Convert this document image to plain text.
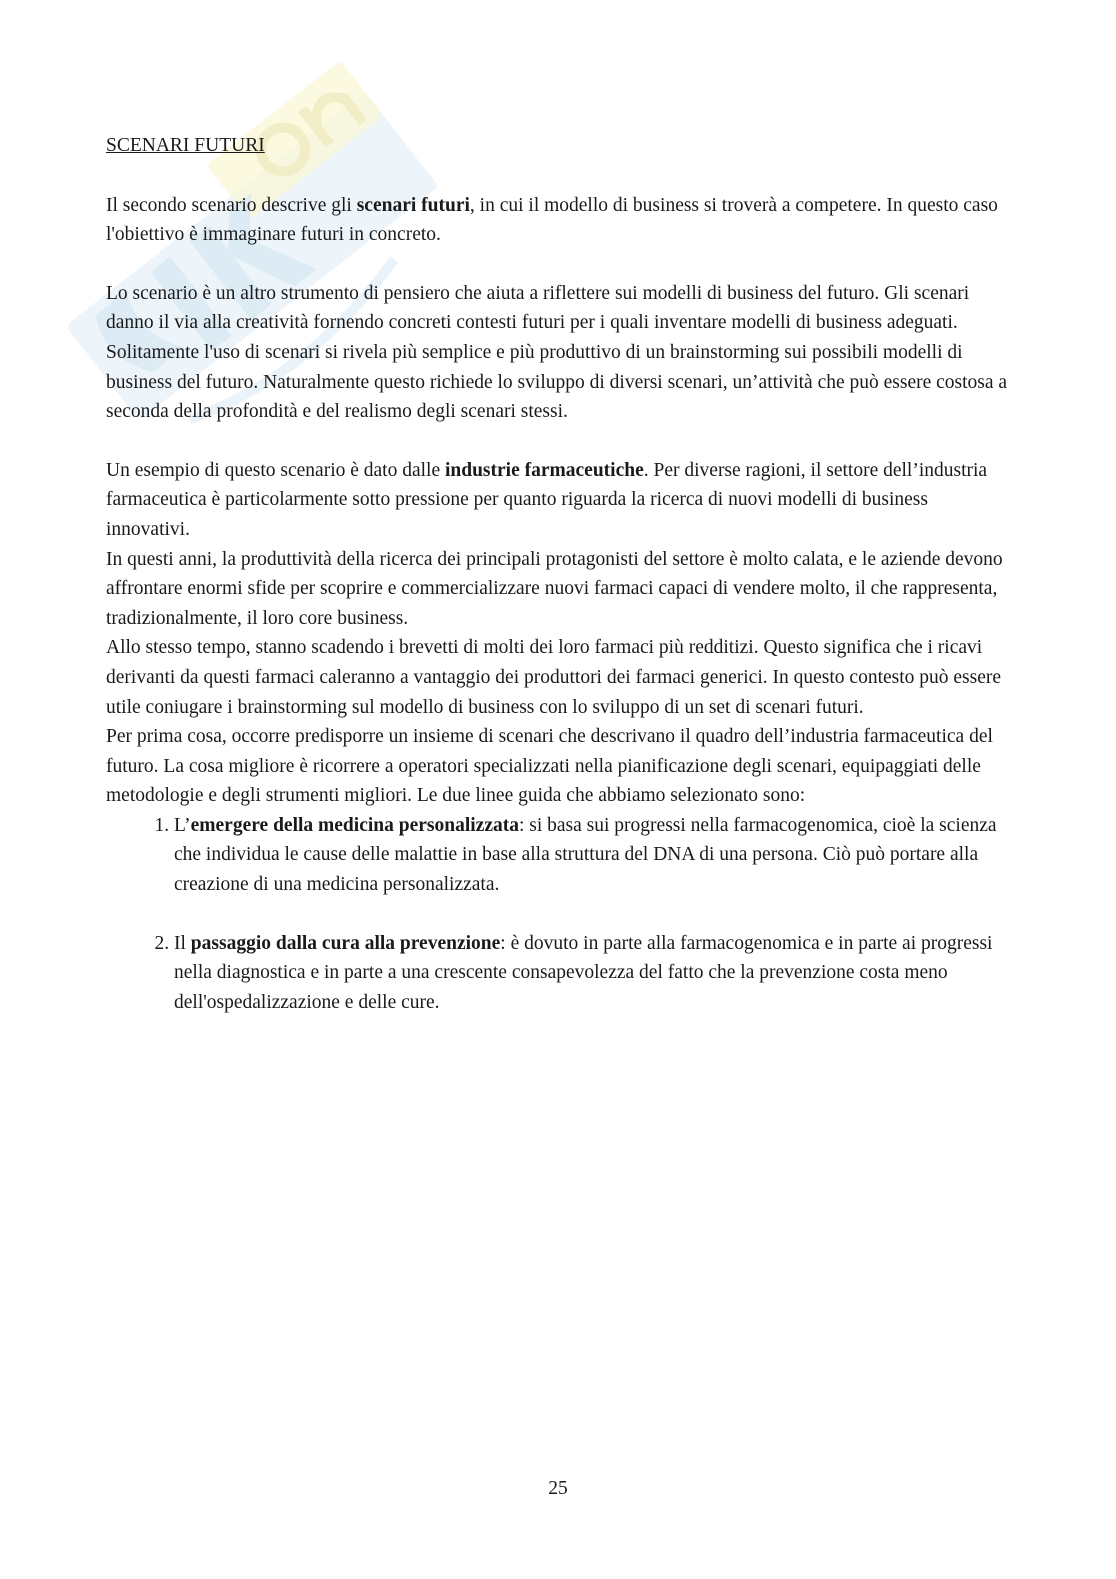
SCENARI FUTURI

Il secondo scenario descrive gli scenari futuri, in cui il modello di business si troverà a competere. In questo caso l'obiettivo è immaginare futuri in concreto.

Lo scenario è un altro strumento di pensiero che aiuta a riflettere sui modelli di business del futuro. Gli scenari danno il via alla creatività fornendo concreti contesti futuri per i quali inventare modelli di business adeguati.

Solitamente l'uso di scenari si rivela più semplice e più produttivo di un brainstorming sui possibili modelli di business del futuro. Naturalmente questo richiede lo sviluppo di diversi scenari, un’attività che può essere costosa a seconda della profondità e del realismo degli scenari stessi.

Un esempio di questo scenario è dato dalle industrie farmaceutiche. Per diverse ragioni, il settore dell’industria farmaceutica è particolarmente sotto pressione per quanto riguarda la ricerca di nuovi modelli di business innovativi.

In questi anni, la produttività della ricerca dei principali protagonisti del settore è molto calata, e le aziende devono affrontare enormi sfide per scoprire e commercializzare nuovi farmaci capaci di vendere molto, il che rappresenta, tradizionalmente, il loro core business.

Allo stesso tempo, stanno scadendo i brevetti di molti dei loro farmaci più redditizi. Questo significa che i ricavi derivanti da questi farmaci caleranno a vantaggio dei produttori dei farmaci generici. In questo contesto può essere utile coniugare i brainstorming sul modello di business con lo sviluppo di un set di scenari futuri.

Per prima cosa, occorre predisporre un insieme di scenari che descrivano il quadro dell’industria farmaceutica del futuro. La cosa migliore è ricorrere a operatori specializzati nella pianificazione degli scenari, equipaggiati delle metodologie e degli strumenti migliori. Le due linee guida che abbiamo selezionato sono:

1. L’emergere della medicina personalizzata: si basa sui progressi nella farmacogenomica, cioè la scienza che individua le cause delle malattie in base alla struttura del DNA di una persona. Ciò può portare alla creazione di una medicina personalizzata.
2. Il passaggio dalla cura alla prevenzione: è dovuto in parte alla farmacogenomica e in parte ai progressi nella diagnostica e in parte a una crescente consapevolezza del fatto che la prevenzione costa meno dell'ospedalizzazione e delle cure.
25
